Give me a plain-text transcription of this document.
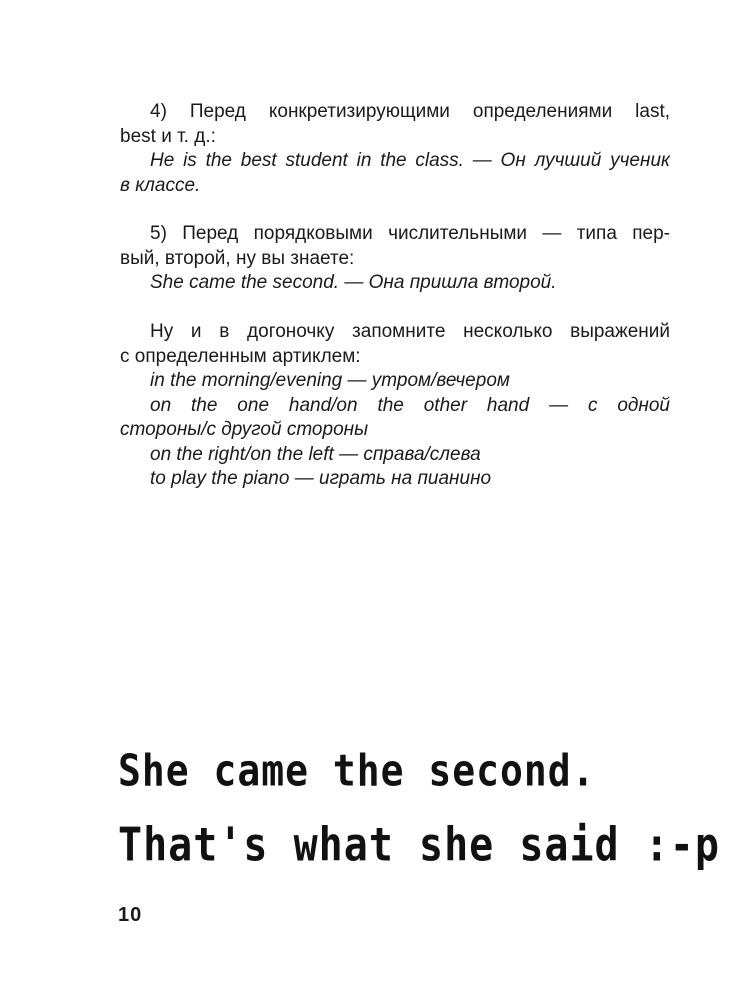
4) Перед конкретизирующими определениями last,

best и т. д.:

He is the best student in the class. — Он лучший ученик

в классе.

5) Перед порядковыми числительными — типа пер-

вый, второй, ну вы знаете:

She came the second. — Она пришла второй.

Ну и в догоночку запомните несколько выражений

с определенным артиклем:

in the morning/evening — утром/вечером

on the one hand/on the other hand — с одной

стороны/с другой стороны

on the right/on the left — справа/слева

to play the piano — играть на пианино

She came the second.
That's what she said :-p
10
